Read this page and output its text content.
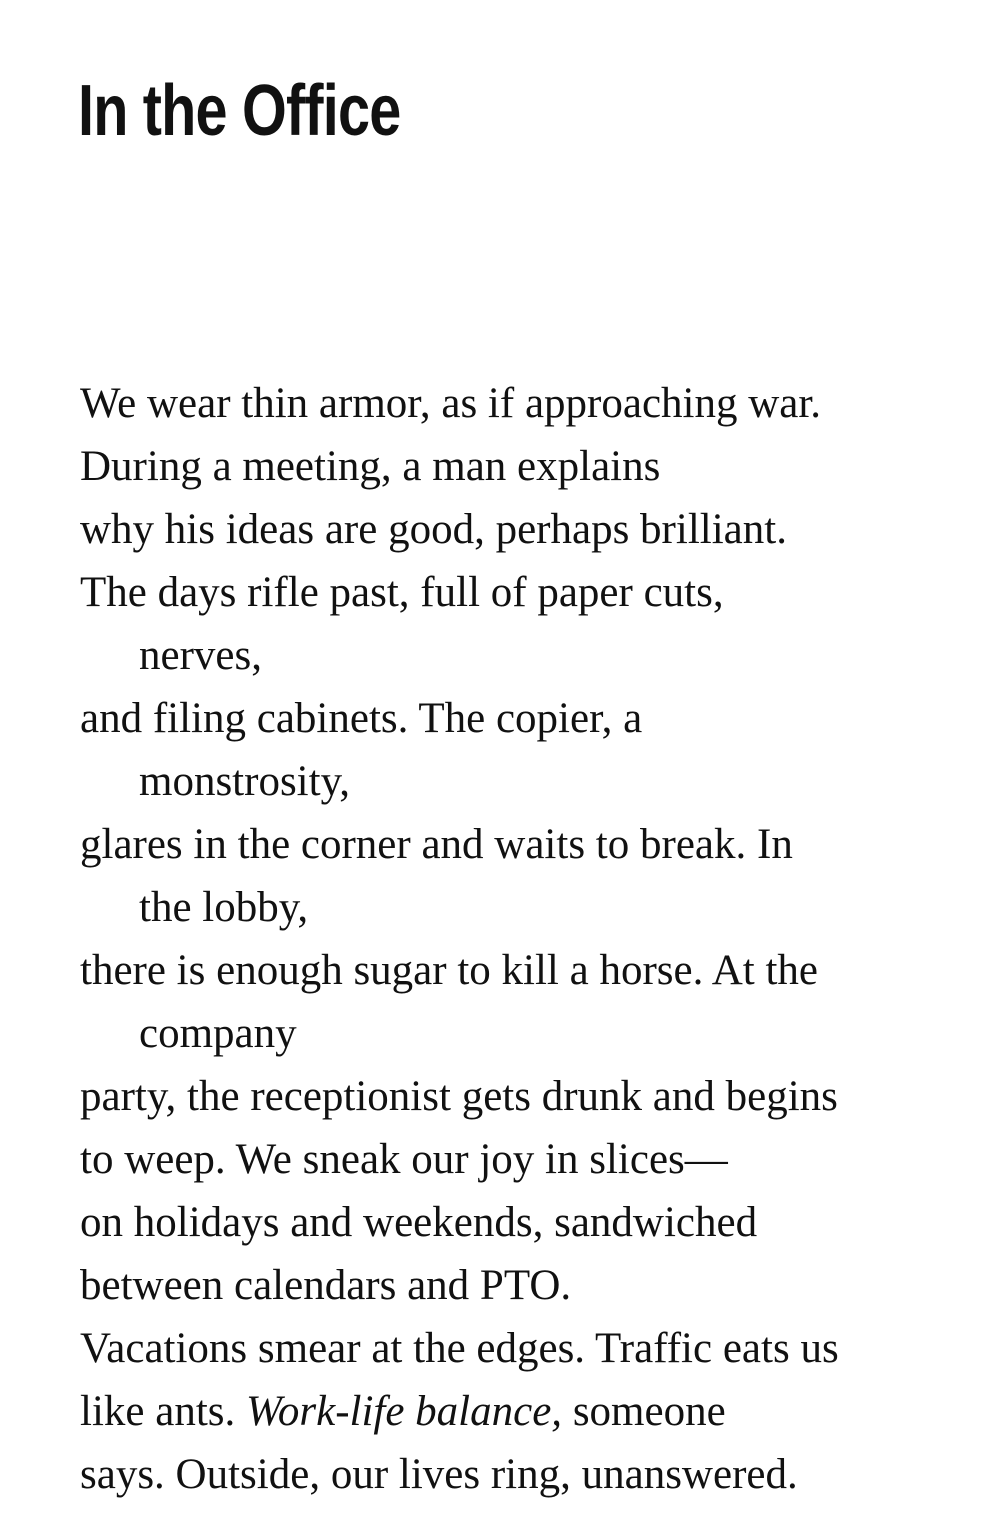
In the Office
We wear thin armor, as if approaching war.
During a meeting, a man explains
why his ideas are good, perhaps brilliant.
The days rifle past, full of paper cuts,
nerves,
and filing cabinets. The copier, a
monstrosity,
glares in the corner and waits to break. In
the lobby,
there is enough sugar to kill a horse. At the
company
party, the receptionist gets drunk and begins
to weep. We sneak our joy in slices—
on holidays and weekends, sandwiched
between calendars and PTO.
Vacations smear at the edges. Traffic eats us
like ants. Work-life balance, someone
says. Outside, our lives ring, unanswered.
